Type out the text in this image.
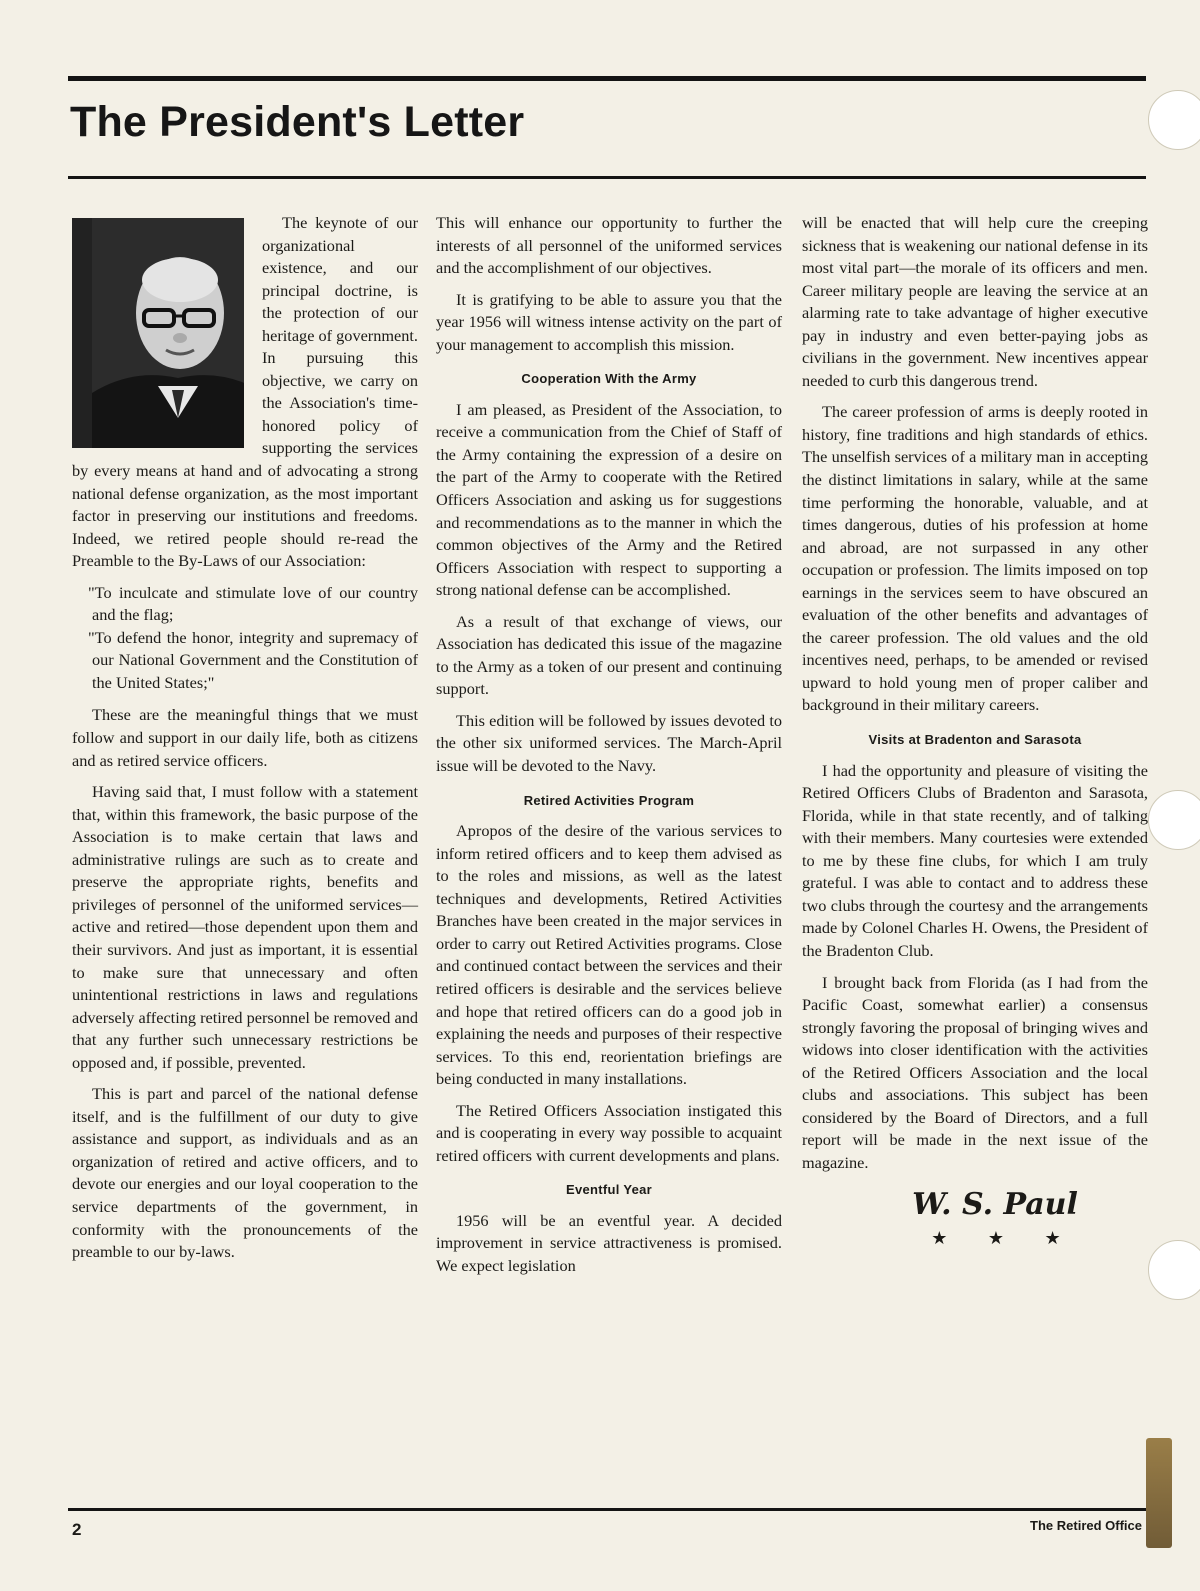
The President's Letter

The keynote of our organizational existence, and our principal doctrine, is the protection of our heritage of government. In pursuing this objective, we carry on the Association's time-honored policy of supporting the services by every means at hand and of advocating a strong national defense organization, as the most important factor in preserving our institutions and freedoms. Indeed, we retired people should re-read the Preamble to the By-Laws of our Association:

"To inculcate and stimulate love of our country and the flag;

"To defend the honor, integrity and supremacy of our National Government and the Constitution of the United States;"

These are the meaningful things that we must follow and support in our daily life, both as citizens and as retired service officers.

Having said that, I must follow with a statement that, within this framework, the basic purpose of the Association is to make certain that laws and administrative rulings are such as to create and preserve the appropriate rights, benefits and privileges of personnel of the uniformed services—active and retired—those dependent upon them and their survivors. And just as important, it is essential to make sure that unnecessary and often unintentional restrictions in laws and regulations adversely affecting retired personnel be removed and that any further such unnecessary restrictions be opposed and, if possible, prevented.

This is part and parcel of the national defense itself, and is the fulfillment of our duty to give assistance and support, as individuals and as an organization of retired and active officers, and to devote our energies and our loyal cooperation to the service departments of the government, in conformity with the pronouncements of the preamble to our by-laws.

This will enhance our opportunity to further the interests of all personnel of the uniformed services and the accomplishment of our objectives.

It is gratifying to be able to assure you that the year 1956 will witness intense activity on the part of your management to accomplish this mission.

Cooperation With the Army

I am pleased, as President of the Association, to receive a communication from the Chief of Staff of the Army containing the expression of a desire on the part of the Army to cooperate with the Retired Officers Association and asking us for suggestions and recommendations as to the manner in which the common objectives of the Army and the Retired Officers Association with respect to supporting a strong national defense can be accomplished.

As a result of that exchange of views, our Association has dedicated this issue of the magazine to the Army as a token of our present and continuing support.

This edition will be followed by issues devoted to the other six uniformed services. The March-April issue will be devoted to the Navy.

Retired Activities Program

Apropos of the desire of the various services to inform retired officers and to keep them advised as to the roles and missions, as well as the latest techniques and developments, Retired Activities Branches have been created in the major services in order to carry out Retired Activities programs. Close and continued contact between the services and their retired officers is desirable and the services believe and hope that retired officers can do a good job in explaining the needs and purposes of their respective services. To this end, reorientation briefings are being conducted in many installations.

The Retired Officers Association instigated this and is cooperating in every way possible to acquaint retired officers with current developments and plans.

Eventful Year

1956 will be an eventful year. A decided improvement in service attractiveness is promised. We expect legislation

will be enacted that will help cure the creeping sickness that is weakening our national defense in its most vital part—the morale of its officers and men. Career military people are leaving the service at an alarming rate to take advantage of higher executive pay in industry and even better-paying jobs as civilians in the government. New incentives appear needed to curb this dangerous trend.

The career profession of arms is deeply rooted in history, fine traditions and high standards of ethics. The unselfish services of a military man in accepting the distinct limitations in salary, while at the same time performing the honorable, valuable, and at times dangerous, duties of his profession at home and abroad, are not surpassed in any other occupation or profession. The limits imposed on top earnings in the services seem to have obscured an evaluation of the other benefits and advantages of the career profession. The old values and the old incentives need, perhaps, to be amended or revised upward to hold young men of proper caliber and background in their military careers.

Visits at Bradenton and Sarasota

I had the opportunity and pleasure of visiting the Retired Officers Clubs of Bradenton and Sarasota, Florida, while in that state recently, and of talking with their members. Many courtesies were extended to me by these fine clubs, for which I am truly grateful. I was able to contact and to address these two clubs through the courtesy and the arrangements made by Colonel Charles H. Owens, the President of the Bradenton Club.

I brought back from Florida (as I had from the Pacific Coast, somewhat earlier) a consensus strongly favoring the proposal of bringing wives and widows into closer identification with the activities of the Retired Officers Association and the local clubs and associations. This subject has been considered by the Board of Directors, and a full report will be made in the next issue of the magazine.

W. S. Paul
★ ★ ★
2	The Retired Office
